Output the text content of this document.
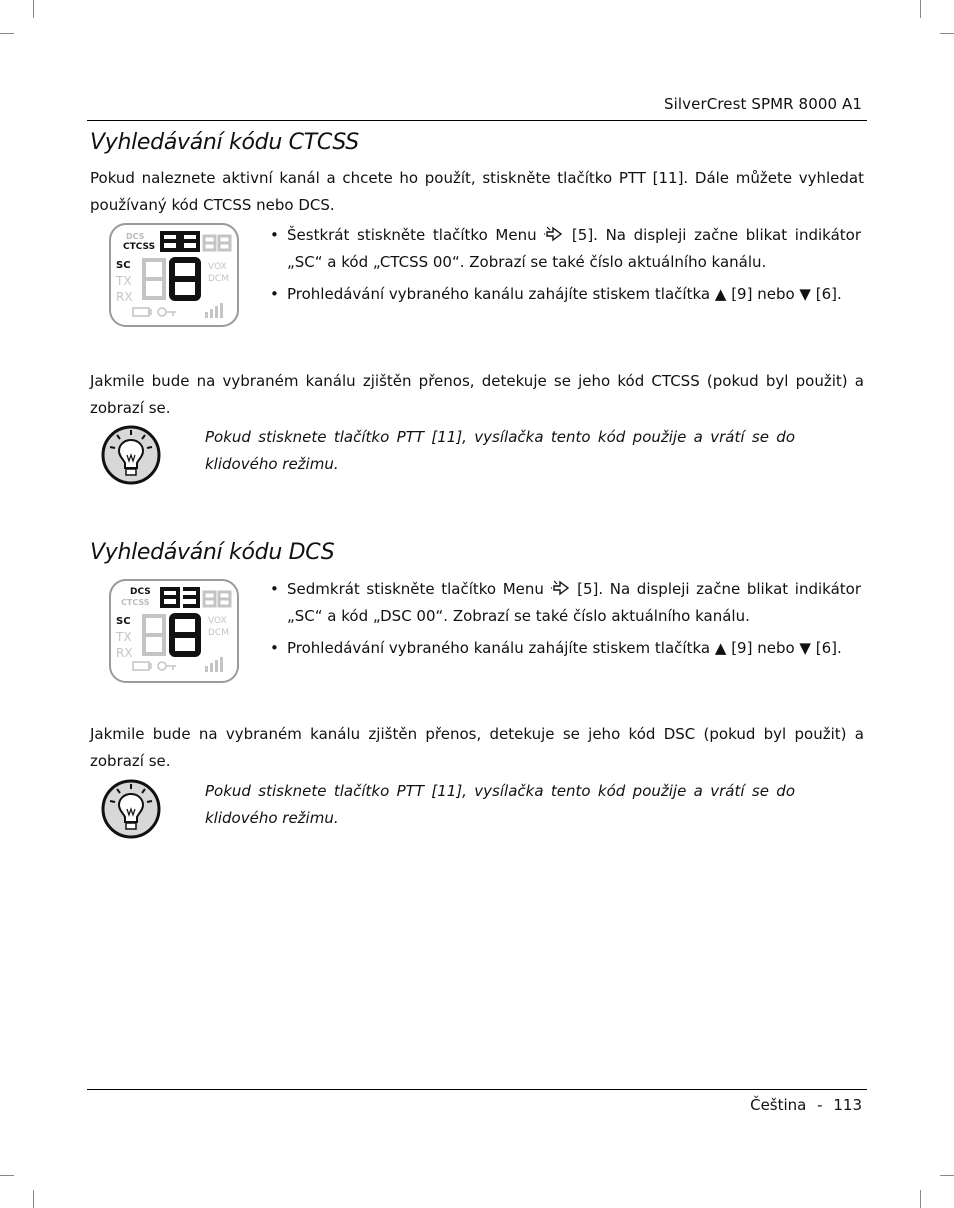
SilverCrest SPMR 8000 A1
Vyhledávání kódu CTCSS
Pokud naleznete aktivní kanál a chcete ho použít, stiskněte tlačítko PTT [11]. Dále můžete vyhledat používaný kód CTCSS nebo DCS.
DCS
CTCSS
SC
TX
RX
VOX
DCM
• Šestkrát stiskněte tlačítko Menu [5]. Na displeji začne blikat indikátor „SC“ a kód „CTCSS 00“. Zobrazí se také číslo aktuálního kanálu.
• Prohledávání vybraného kanálu zahájíte stiskem tlačítka ▲ [9] nebo ▼ [6].
Jakmile bude na vybraném kanálu zjištěn přenos, detekuje se jeho kód CTCSS (pokud byl použit) a zobrazí se.
Pokud stisknete tlačítko PTT [11], vysílačka tento kód použije a vrátí se do klidového režimu.
Vyhledávání kódu DCS
DCS
CTCSS
SC
TX
RX
VOX
DCM
• Sedmkrát stiskněte tlačítko Menu [5]. Na displeji začne blikat indikátor „SC“ a kód „DSC 00“. Zobrazí se také číslo aktuálního kanálu.
• Prohledávání vybraného kanálu zahájíte stiskem tlačítka ▲ [9] nebo ▼ [6].
Jakmile bude na vybraném kanálu zjištěn přenos, detekuje se jeho kód DSC (pokud byl použit) a zobrazí se.
Pokud stisknete tlačítko PTT [11], vysílačka tento kód použije a vrátí se do klidového režimu.
Čeština - 113
